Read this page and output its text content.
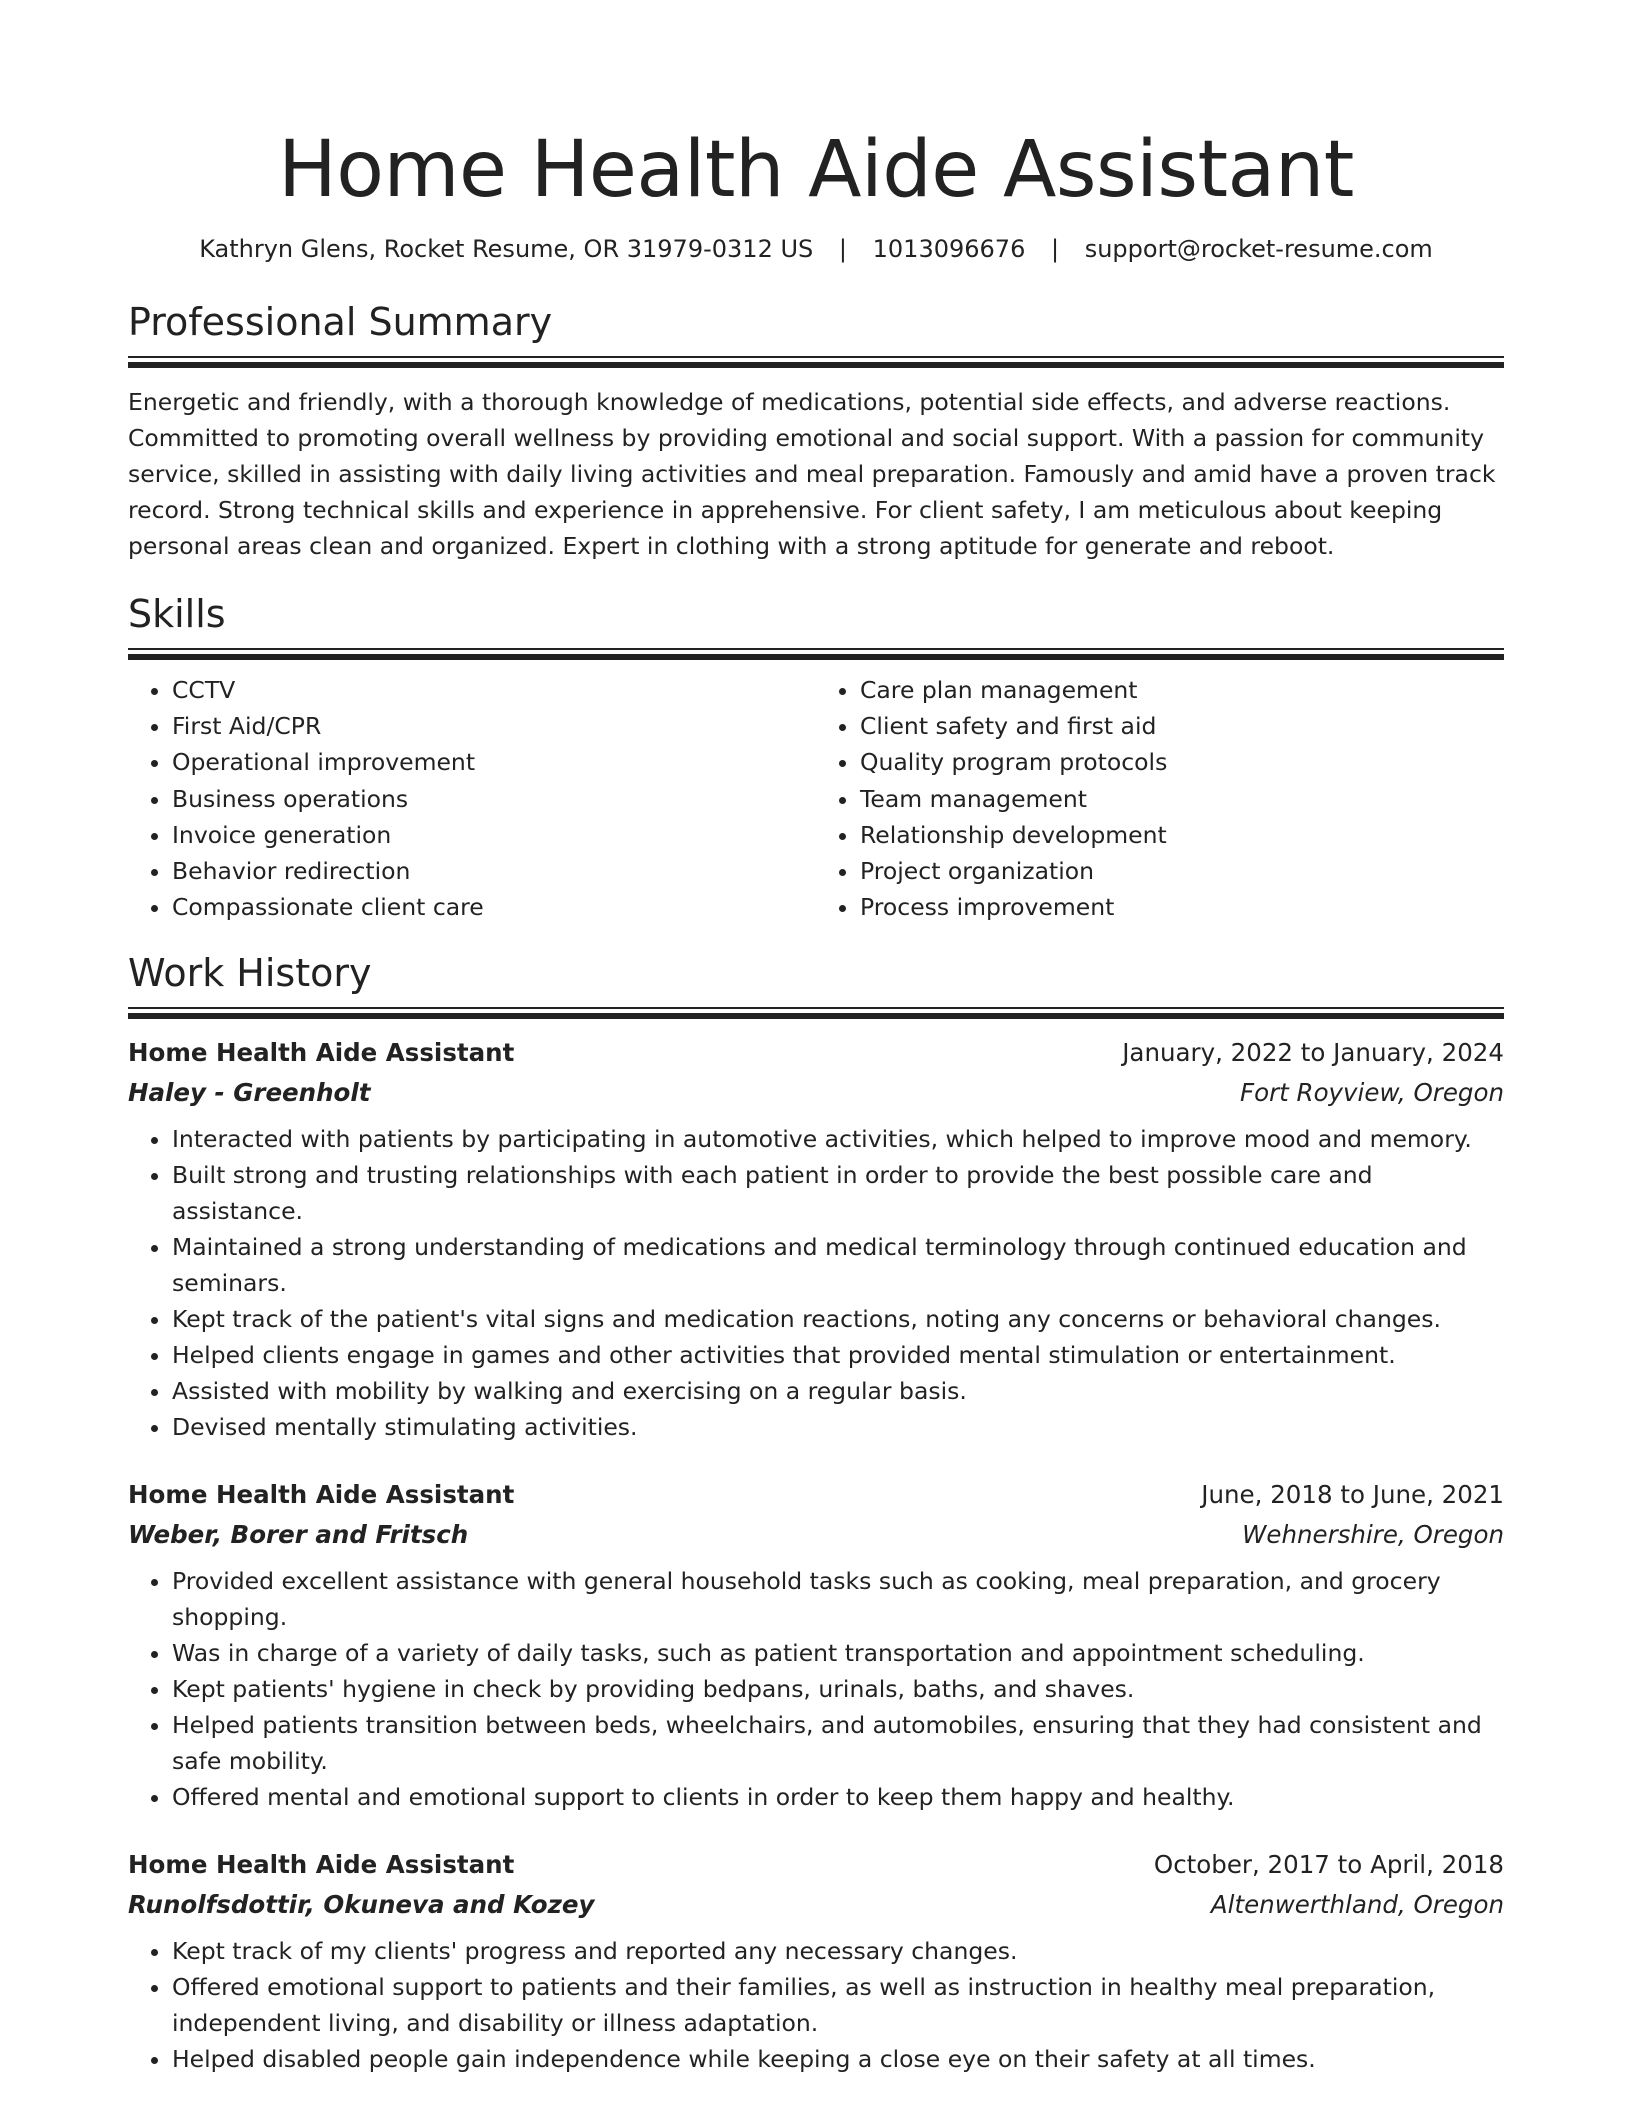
Home Health Aide Assistant
Kathryn Glens, Rocket Resume, OR 31979-0312 US | 1013096676 | support@rocket-resume.com
Professional Summary
Energetic and friendly, with a thorough knowledge of medications, potential side effects, and adverse reactions. Committed to promoting overall wellness by providing emotional and social support. With a passion for community service, skilled in assisting with daily living activities and meal preparation. Famously and amid have a proven track record. Strong technical skills and experience in apprehensive. For client safety, I am meticulous about keeping personal areas clean and organized. Expert in clothing with a strong aptitude for generate and reboot.
Skills
• CCTV
• First Aid/CPR
• Operational improvement
• Business operations
• Invoice generation
• Behavior redirection
• Compassionate client care
• Care plan management
• Client safety and first aid
• Quality program protocols
• Team management
• Relationship development
• Project organization
• Process improvement
Work History
Home Health Aide Assistant	January, 2022 to January, 2024
Haley - Greenholt	Fort Royview, Oregon
• Interacted with patients by participating in automotive activities, which helped to improve mood and memory.
• Built strong and trusting relationships with each patient in order to provide the best possible care and assistance.
• Maintained a strong understanding of medications and medical terminology through continued education and seminars.
• Kept track of the patient's vital signs and medication reactions, noting any concerns or behavioral changes.
• Helped clients engage in games and other activities that provided mental stimulation or entertainment.
• Assisted with mobility by walking and exercising on a regular basis.
• Devised mentally stimulating activities.
Home Health Aide Assistant	June, 2018 to June, 2021
Weber, Borer and Fritsch	Wehnershire, Oregon
• Provided excellent assistance with general household tasks such as cooking, meal preparation, and grocery shopping.
• Was in charge of a variety of daily tasks, such as patient transportation and appointment scheduling.
• Kept patients' hygiene in check by providing bedpans, urinals, baths, and shaves.
• Helped patients transition between beds, wheelchairs, and automobiles, ensuring that they had consistent and safe mobility.
• Offered mental and emotional support to clients in order to keep them happy and healthy.
Home Health Aide Assistant	October, 2017 to April, 2018
Runolfsdottir, Okuneva and Kozey	Altenwerthland, Oregon
• Kept track of my clients' progress and reported any necessary changes.
• Offered emotional support to patients and their families, as well as instruction in healthy meal preparation, independent living, and disability or illness adaptation.
• Helped disabled people gain independence while keeping a close eye on their safety at all times.
